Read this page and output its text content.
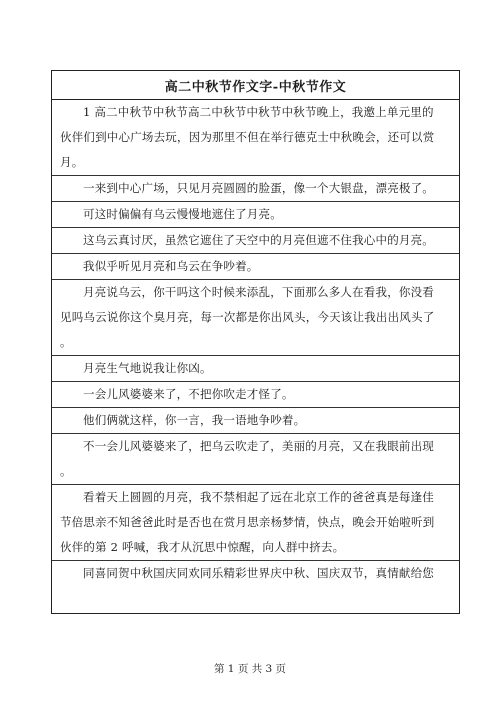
高二中秋节作文字-中秋节作文
1 高二中秋节中秋节高二中秋节中秋节中秋节晚上，我邀上单元里的
伙伴们到中心广场去玩，因为那里不但在举行德克士中秋晚会，还可以赏
月。
一来到中心广场，只见月亮圆圆的脸蛋，像一个大银盘，漂亮极了。
可这时偏偏有乌云慢慢地遮住了月亮。
这乌云真讨厌，虽然它遮住了天空中的月亮但遮不住我心中的月亮。
我似乎听见月亮和乌云在争吵着。
月亮说乌云，你干吗这个时候来添乱，下面那么多人在看我，你没看
见吗乌云说你这个臭月亮，每一次都是你出风头，今天该让我出出风头了
。
月亮生气地说我让你凶。
一会儿风婆婆来了，不把你吹走才怪了。
他们俩就这样，你一言，我一语地争吵着。
不一会儿风婆婆来了，把乌云吹走了，美丽的月亮，又在我眼前出现
。
看着天上圆圆的月亮，我不禁相起了远在北京工作的爸爸真是每逢佳
节倍思亲不知爸爸此时是否也在赏月思亲杨梦情，快点，晚会开始啦听到
伙伴的第 2 呼喊，我才从沉思中惊醒，向人群中挤去。
同喜同贺中秋国庆同欢同乐精彩世界庆中秋、国庆双节，真情献给您
第 1 页 共 3 页
